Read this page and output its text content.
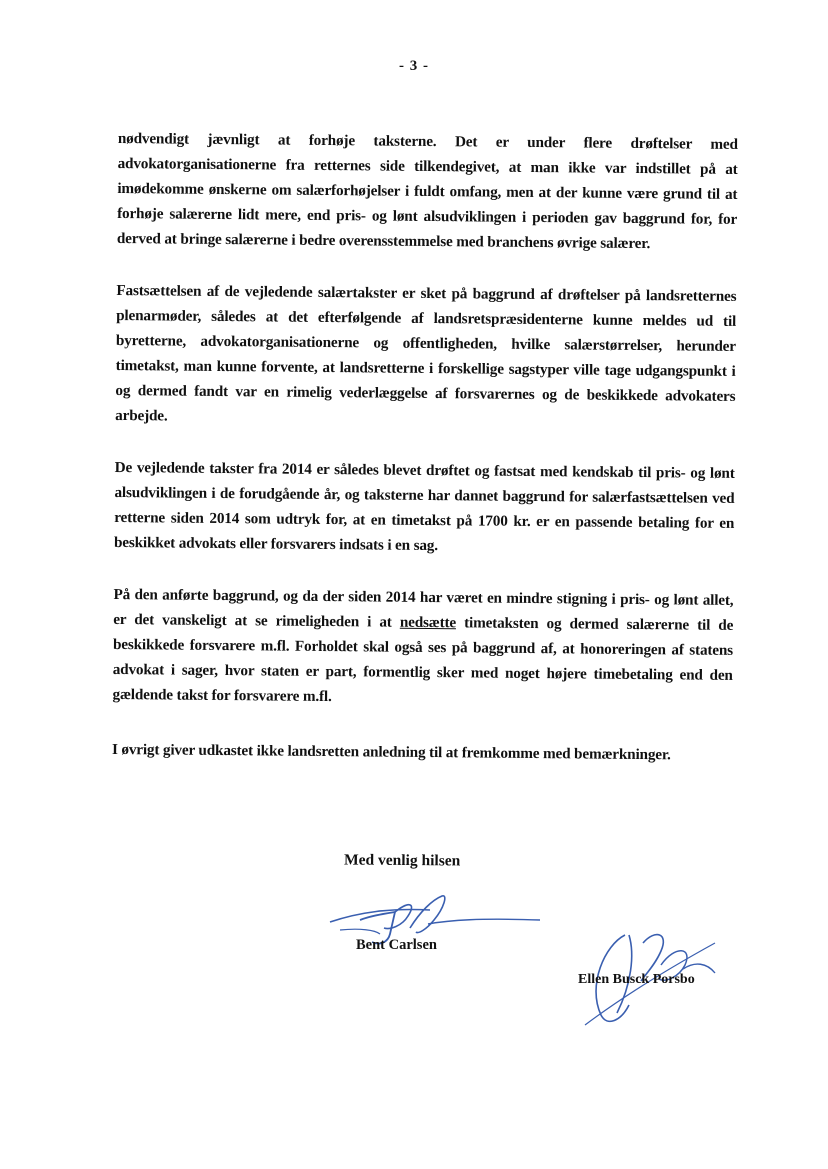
- 3 -

nødvendigt jævnligt at forhøje taksterne. Det er under flere drøftelser med advokatorganisationerne fra retternes side tilkendegivet, at man ikke var indstillet på at imødekomme ønskerne om salærforhøjelser i fuldt omfang, men at der kunne være grund til at forhøje salærerne lidt mere, end pris- og lønt alsudviklingen i perioden gav baggrund for, for derved at bringe salærerne i bedre overensstemmelse med branchens øvrige salærer.

Fastsættelsen af de vejledende salærtakster er sket på baggrund af drøftelser på landsretternes plenarmøder, således at det efterfølgende af landsretspræsidenterne kunne meldes ud til byretterne, advokatorganisationerne og offentligheden, hvilke salærstørrelser, herunder timetakst, man kunne forvente, at landsretterne i forskellige sagstyper ville tage udgangspunkt i og dermed fandt var en rimelig vederlæggelse af forsvarernes og de beskikkede advokaters arbejde.

De vejledende takster fra 2014 er således blevet drøftet og fastsat med kendskab til pris- og lønt alsudviklingen i de forudgående år, og taksterne har dannet baggrund for salærfastsættelsen ved retterne siden 2014 som udtryk for, at en timetakst på 1700 kr. er en passende betaling for en beskikket advokats eller forsvarers indsats i en sag.

På den anførte baggrund, og da der siden 2014 har været en mindre stigning i pris- og lønt allet, er det vanskeligt at se rimeligheden i at nedsætte timetaksten og dermed salærerne til de beskikkede forsvarere m.fl. Forholdet skal også ses på baggrund af, at honoreringen af statens advokat i sager, hvor staten er part, formentlig sker med noget højere timebetaling end den gældende takst for forsvarere m.fl.

I øvrigt giver udkastet ikke landsretten anledning til at fremkomme med bemærkninger.

Med venlig hilsen
Bent Carlsen
Ellen Busck Porsbo
